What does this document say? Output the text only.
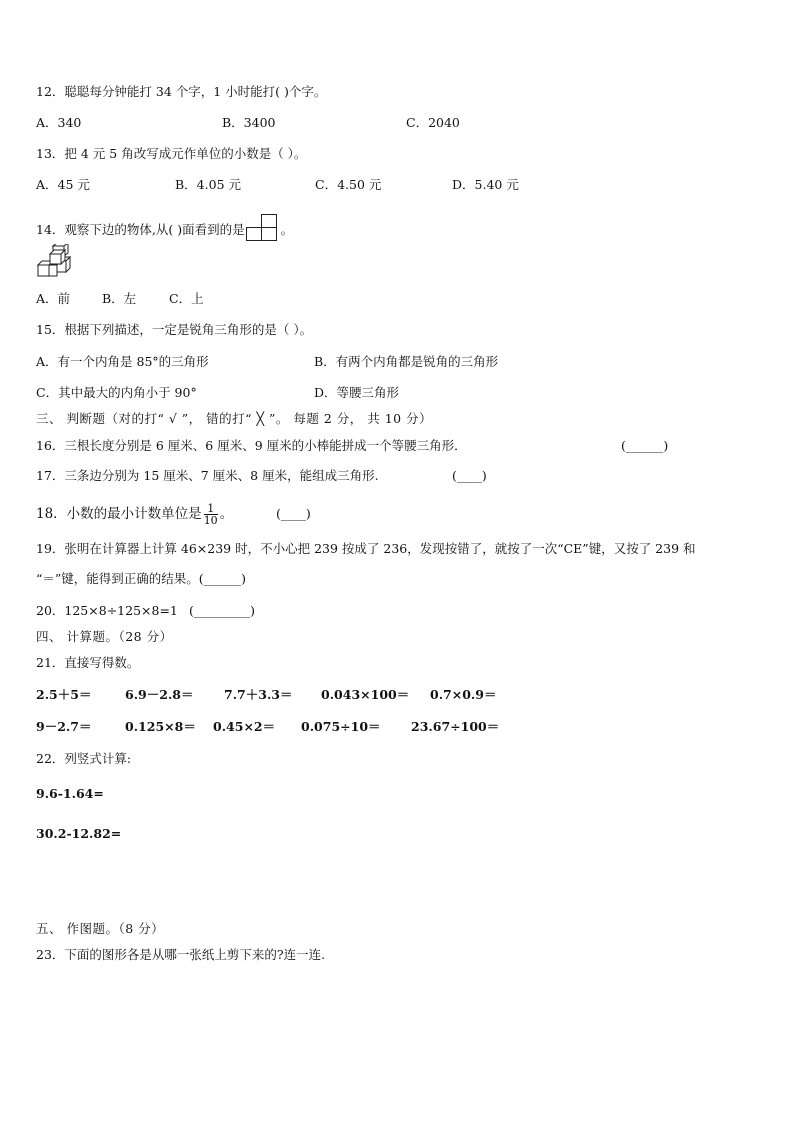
12．聪聪每分钟能打 34 个字，1 小时能打( )个字。
A．340	B．3400	C．2040
13．把 4 元 5 角改写成元作单位的小数是（ ）。
A．45 元	B．4.05 元	C．4.50 元	D．5.40 元
14．观察下边的物体,从( )面看到的是	。
A．前	B．左	C．上
15．根据下列描述，一定是锐角三角形的是（ ）。
A．有一个内角是 85°的三角形	B．有两个内角都是锐角的三角形
C．其中最大的内角小于 90°	D．等腰三角形
三、 判断题（对的打“ √ ”， 错的打“ ╳ ”。 每题 2 分， 共 10 分）
16．三根长度分别是 6 厘米、6 厘米、9 厘米的小棒能拼成一个等腰三角形．	(______)
17．三条边分别为 15 厘米、7 厘米、8 厘米，能组成三角形.	(____)
18．小数的最小计数单位是 $\frac{1}{10}$ 。	(____)
19．张明在计算器上计算 46×239 时，不小心把 239 按成了 236，发现按错了，就按了一次“CE”键，又按了 239 和
“＝”键，能得到正确的结果。(______)
20．125×8÷125×8=1 (_________)
四、 计算题。（28 分）
21．直接写得数。
2.5＋5＝	6.9－2.8＝ 7.7＋3.3＝ 0.043×100＝ 0.7×0.9＝
9－2.7＝	0.125×8＝ 0.45×2＝ 0.075÷10＝ 23.67÷100＝
22．列竖式计算:
9.6-1.64=
30.2-12.82=
五、 作图题。（8 分）
23．下面的图形各是从哪一张纸上剪下来的?连一连.
